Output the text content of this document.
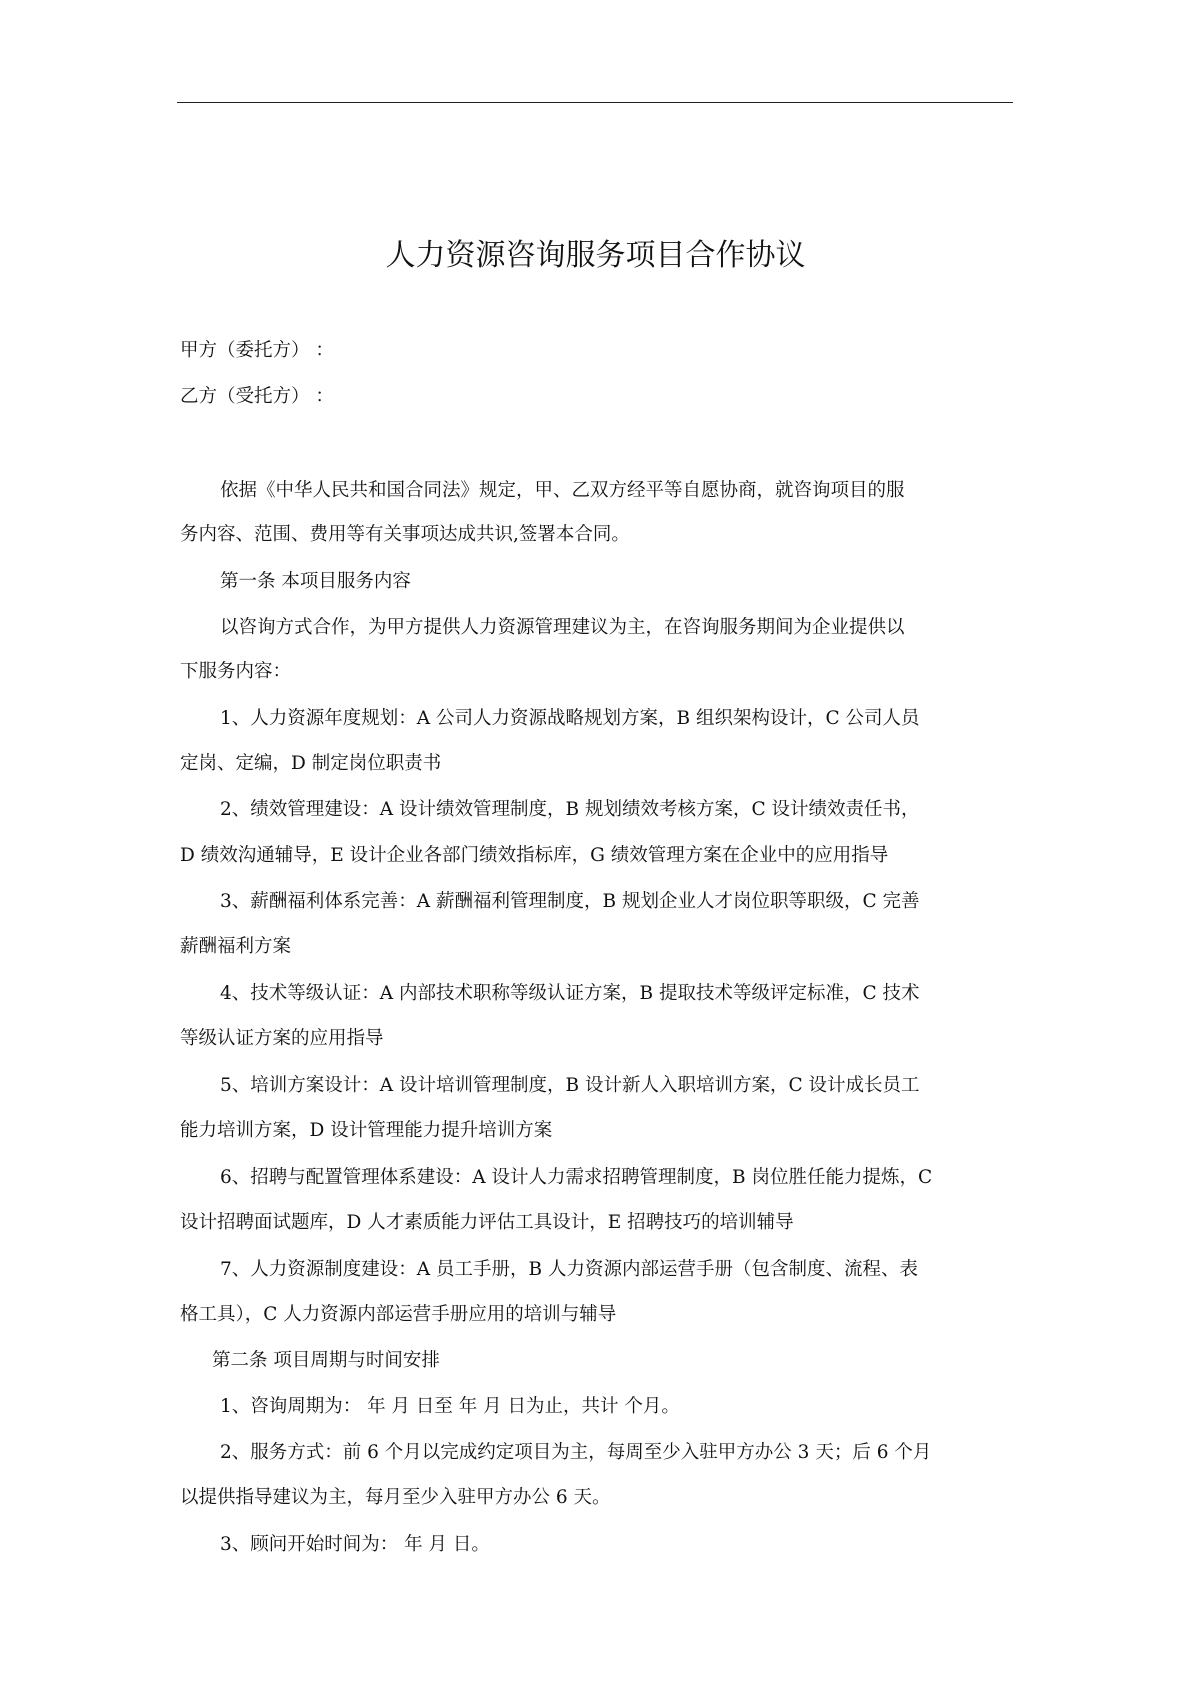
人力资源咨询服务项目合作协议
甲方（委托方） ：
乙方（受托方） ：
依据《中华人民共和国合同法》规定，甲、乙双方经平等自愿协商，就咨询项目的服
务内容、范围、费用等有关事项达成共识,签署本合同。
第一条 本项目服务内容
以咨询方式合作，为甲方提供人力资源管理建议为主，在咨询服务期间为企业提供以
下服务内容：
1、人力资源年度规划：A 公司人力资源战略规划方案，B 组织架构设计，C 公司人员
定岗、定编，D 制定岗位职责书
2、绩效管理建设：A 设计绩效管理制度，B 规划绩效考核方案，C 设计绩效责任书，
D 绩效沟通辅导，E 设计企业各部门绩效指标库，G 绩效管理方案在企业中的应用指导
3、薪酬福利体系完善：A 薪酬福利管理制度，B 规划企业人才岗位职等职级，C 完善
薪酬福利方案
4、技术等级认证：A 内部技术职称等级认证方案，B 提取技术等级评定标准，C 技术
等级认证方案的应用指导
5、培训方案设计：A 设计培训管理制度，B 设计新人入职培训方案，C 设计成长员工
能力培训方案，D 设计管理能力提升培训方案
6、招聘与配置管理体系建设：A 设计人力需求招聘管理制度，B 岗位胜任能力提炼，C
设计招聘面试题库，D 人才素质能力评估工具设计，E 招聘技巧的培训辅导
7、人力资源制度建设：A 员工手册，B 人力资源内部运营手册（包含制度、流程、表
格工具），C 人力资源内部运营手册应用的培训与辅导
第二条 项目周期与时间安排
1、咨询周期为： 年 月 日至 年 月 日为止，共计 个月。
2、服务方式：前 6 个月以完成约定项目为主，每周至少入驻甲方办公 3 天；后 6 个月
以提供指导建议为主，每月至少入驻甲方办公 6 天。
3、顾问开始时间为： 年 月 日。
